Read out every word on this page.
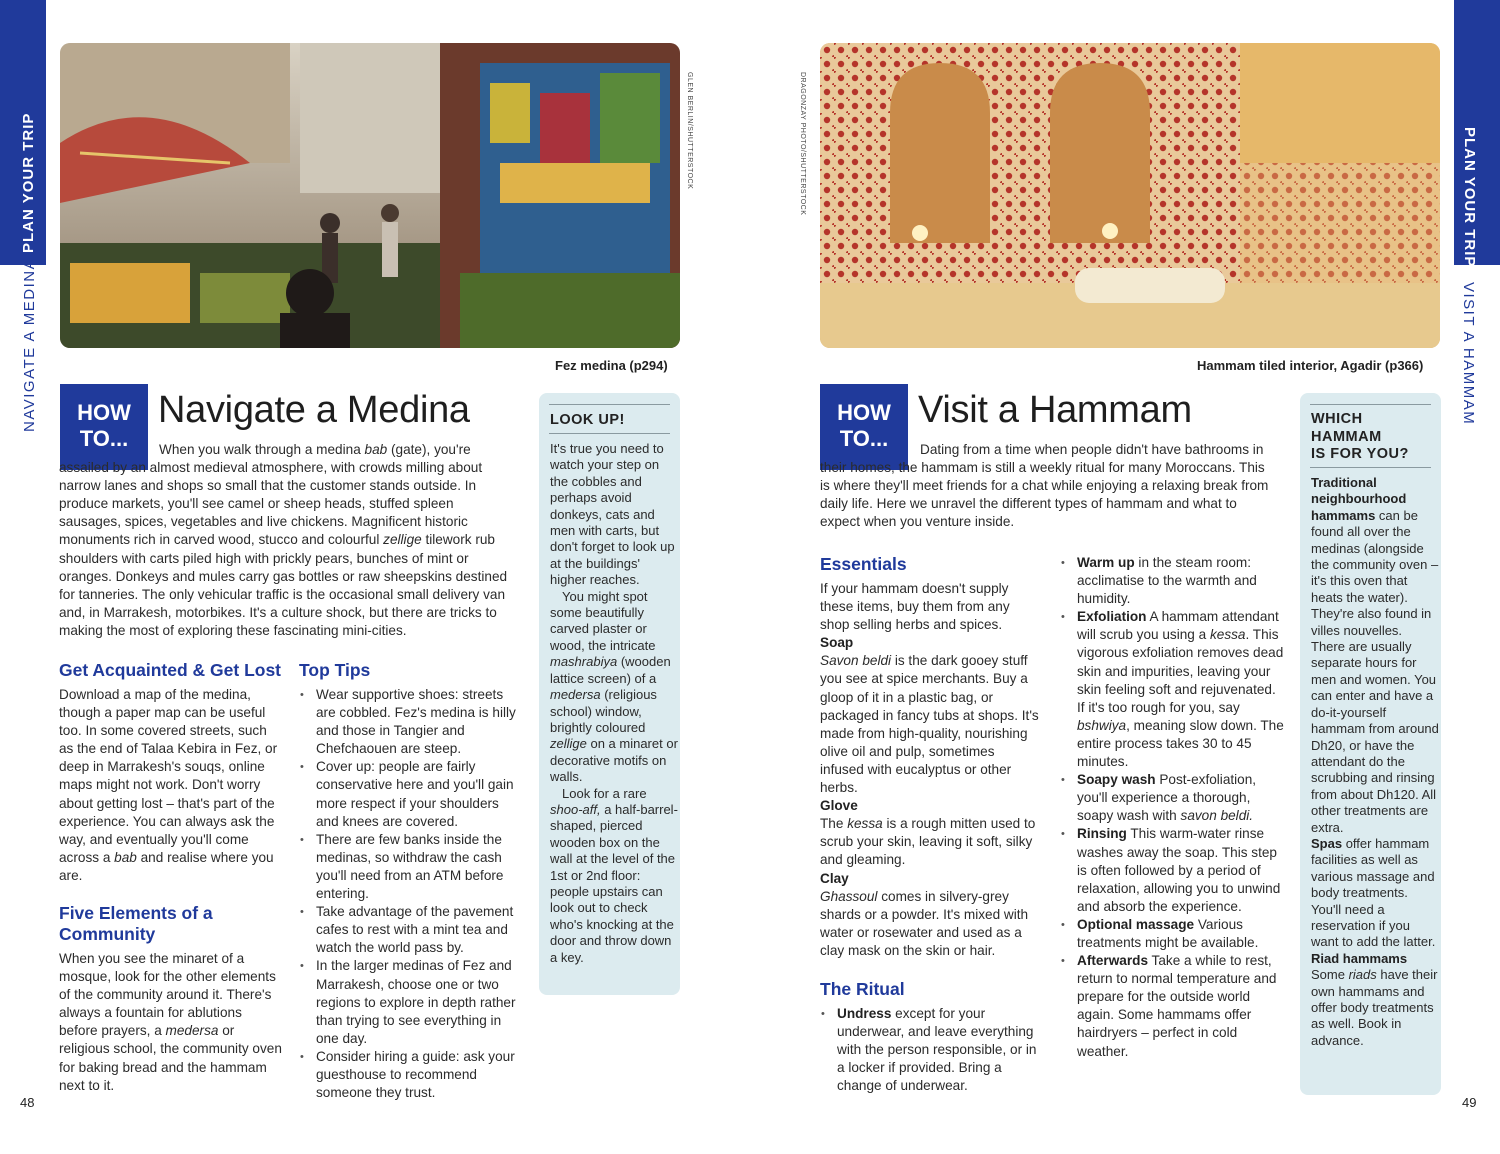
PLAN YOUR TRIP
NAVIGATE A MEDINA
GLEN BERLIN/SHUTTERSTOCK
Fez medina (p294)
HOW
TO...
Navigate a Medina

When you walk through a medina bab (gate), you're assailed by an almost medieval atmosphere, with crowds milling about narrow lanes and shops so small that the customer stands outside. In produce markets, you'll see camel or sheep heads, stuffed spleen sausages, spices, vegetables and live chickens. Magnificent historic monuments rich in carved wood, stucco and colourful zellige tilework rub shoulders with carts piled high with prickly pears, bunches of mint or oranges. Donkeys and mules carry gas bottles or raw sheepskins destined for tanneries. The only vehicular traffic is the occasional small delivery van and, in Marrakesh, motorbikes. It's a culture shock, but there are tricks to making the most of exploring these fascinating mini-cities.

Get Acquainted & Get Lost

Download a map of the medina, though a paper map can be useful too. In some covered streets, such as the end of Talaa Kebira in Fez, or deep in Marrakesh's souqs, online maps might not work. Don't worry about getting lost – that's part of the experience. You can always ask the way, and eventually you'll come across a bab and realise where you are.

Five Elements of a Community

When you see the minaret of a mosque, look for the other elements of the community around it. There's always a fountain for ablutions before prayers, a medersa or religious school, the community oven for baking bread and the hammam next to it.

Top Tips
• Wear supportive shoes: streets are cobbled. Fez's medina is hilly and those in Tangier and Chefchaouen are steep.
• Cover up: people are fairly conservative here and you'll gain more respect if your shoulders and knees are covered.
• There are few banks inside the medinas, so withdraw the cash you'll need from an ATM before entering.
• Take advantage of the pavement cafes to rest with a mint tea and watch the world pass by.
• In the larger medinas of Fez and Marrakesh, choose one or two regions to explore in depth rather than trying to see everything in one day.
• Consider hiring a guide: ask your guesthouse to recommend someone they trust.
LOOK UP!

It's true you need to watch your step on the cobbles and perhaps avoid donkeys, cats and men with carts, but don't forget to look up at the buildings' higher reaches.

You might spot some beautifully carved plaster or wood, the intricate mashrabiya (wooden lattice screen) of a medersa (religious school) window, brightly coloured zellige on a minaret or decorative motifs on walls.

Look for a rare shoo-aff, a half-barrel-shaped, pierced wooden box on the wall at the level of the 1st or 2nd floor: people upstairs can look out to check who's knocking at the door and throw down a key.

48
PLAN YOUR TRIP
VISIT A HAMMAM
DRAGONZAY PHOTO/SHUTTERSTOCK
Hammam tiled interior, Agadir (p366)
HOW
TO...
Visit a Hammam

Dating from a time when people didn't have bathrooms in their homes, the hammam is still a weekly ritual for many Moroccans. This is where they'll meet friends for a chat while enjoying a relaxing break from daily life. Here we unravel the different types of hammam and what to expect when you venture inside.

Essentials

If your hammam doesn't supply these items, buy them from any shop selling herbs and spices.

Soap

Savon beldi is the dark gooey stuff you see at spice merchants. Buy a gloop of it in a plastic bag, or packaged in fancy tubs at shops. It's made from high-quality, nourishing olive oil and pulp, sometimes infused with eucalyptus or other herbs.

Glove

The kessa is a rough mitten used to scrub your skin, leaving it soft, silky and gleaming.

Clay

Ghassoul comes in silvery-grey shards or a powder. It's mixed with water or rosewater and used as a clay mask on the skin or hair.

The Ritual
• Undress except for your underwear, and leave everything with the person responsible, or in a locker if provided. Bring a change of underwear.
• Warm up in the steam room: acclimatise to the warmth and humidity.
• Exfoliation A hammam attendant will scrub you using a kessa. This vigorous exfoliation removes dead skin and impurities, leaving your skin feeling soft and rejuvenated. If it's too rough for you, say bshwiya, meaning slow down. The entire process takes 30 to 45 minutes.
• Soapy wash Post-exfoliation, you'll experience a thorough, soapy wash with savon beldi.
• Rinsing This warm-water rinse washes away the soap. This step is often followed by a period of relaxation, allowing you to unwind and absorb the experience.
• Optional massage Various treatments might be available.
• Afterwards Take a while to rest, return to normal temperature and prepare for the outside world again. Some hammams offer hairdryers – perfect in cold weather.
WHICH
HAMMAM
IS FOR YOU?

Traditional neighbourhood hammams can be found all over the medinas (alongside the community oven – it's this oven that heats the water). They're also found in villes nouvelles. There are usually separate hours for men and women. You can enter and have a do-it-yourself hammam from around Dh20, or have the attendant do the scrubbing and rinsing from about Dh120. All other treatments are extra.

Spas offer hammam facilities as well as various massage and body treatments. You'll need a reservation if you want to add the latter.

Riad hammams

Some riads have their own hammams and offer body treatments as well. Book in advance.

49
